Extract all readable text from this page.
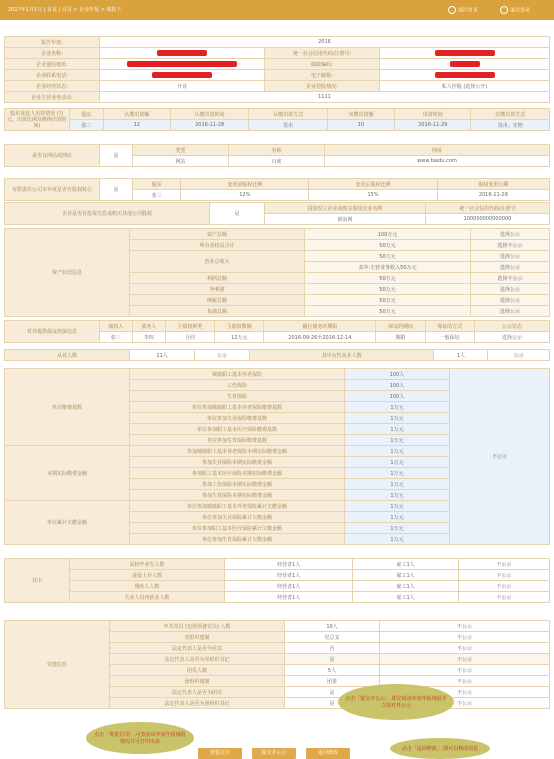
2017年1月1日 | 首页 | 首页 > 企业年报 > 填报下	返回首页	退出登录
报告年度:	2016		
企业名称:		统一社会信用代码/注册号:	
企业通信地址:		邮政编码:	
企业联系电话:		电子邮箱:	
企业经营状态:	开业	企业控股情况:	私人控股 (选择公开)
企业主营业务活动:	1111		
股东发起人出资情况 (万元、出资比例及缴纳出资时间)	股东	认缴出资额	认缴出资时间	认缴出资方式	实缴出资额	出资时间	实缴出资方式
	张三	12	2016-11-28	货币	10	2016-11-29	货币、实物
是否有网站或网店	是	类型	名称	网址
		网站	百度	www.baidu.com
有限责任公司本年度是否有股权转让	是	股东	变更前股权比例	变更后股权比例	股权变更日期
		张三	12%	15%	2016-11-28
企业是否有投资信息或购买其他公司股权	是	投资设立企业或购买股权企业名称	统一社会信用代码/注册号
		新浪网	100000000000000
资产状况信息	资产总额	100万元	选择公示
	所有者权益合计	50万元	选择不公示
	营业总收入	50万元	选择公示
		其中:主营业务收入50万元	选择公示
	利润总额	50万元	选择不公示
	净利润	50万元	选择公示
	纳税总额	50万元	选择公示
	负债总额	50万元	选择公示
对外提供保证担保信息	债权人	债务人	主债权种类	主债权数额	履行债务的期限	保证的期间	保证的方式	公示状态
	张三	李四	合同	12万元	2016-09-26至2016-12-14	期限	一般保证	选择公示
从业人数	11人	公示	其中女性从业人数	1人	公示
单位缴费基数	城镇职工基本养老保险	100人	不公示
	工伤保险	100人	
	生育保险	100人	
	单位参加城镇职工基本养老保险缴费基数	1万元	
	单位参加失业保险缴费基数	1万元	
	单位参加职工基本医疗保险缴费基数	1万元	
	单位参加生育保险缴费基数	1万元	
本期实际缴费金额	参加城镇职工基本养老保险本期实际缴费金额	1万元	
	参加失业保险本期实际缴费金额	1万元	
	参加职工基本医疗保险本期实际缴费金额	1万元	
	参加工伤保险本期实际缴费金额	1万元	
	参加生育保险本期实际缴费金额	1万元	
单位累计欠缴金额	单位参加城镇职工基本养老保险累计欠缴金额	1万元	
	单位参加失业保险累计欠缴金额	1万元	
	单位参加职工基本医疗保险累计欠缴金额	1万元	
	单位参加生育保险累计欠缴金额	1万元	
其中	高校毕业生人数	经营者1人	雇工1人	不公示
	退役士兵人数	经营者1人	雇工1人	不公示
	残疾人人数	经营者1人	雇工1人	不公示
	失业人员再就业人数	经营者1人	雇工1人	不公示
党建信息	中共党员 (包括预备党员) 人数	10人	不公示
	党组织建制	党总支	不公示
	法定代表人是否为党员	否	不公示
	法定代表人是否为党组织书记	是	不公示
	团员人数	5人	不公示
	团组织建制	团委	不公示
	法定代表人是否为团员	是	不公示
	法定代表人是否为团组织书记	是	不公示
点击「提交并公示」,即完成该年度年报填报并立即对外公示
点击「预览打印」,可查看该年度年报填报情况并可打印出来
点击「返回修改」,即可以修改信息
预览打印	提交并公示	返回修改
